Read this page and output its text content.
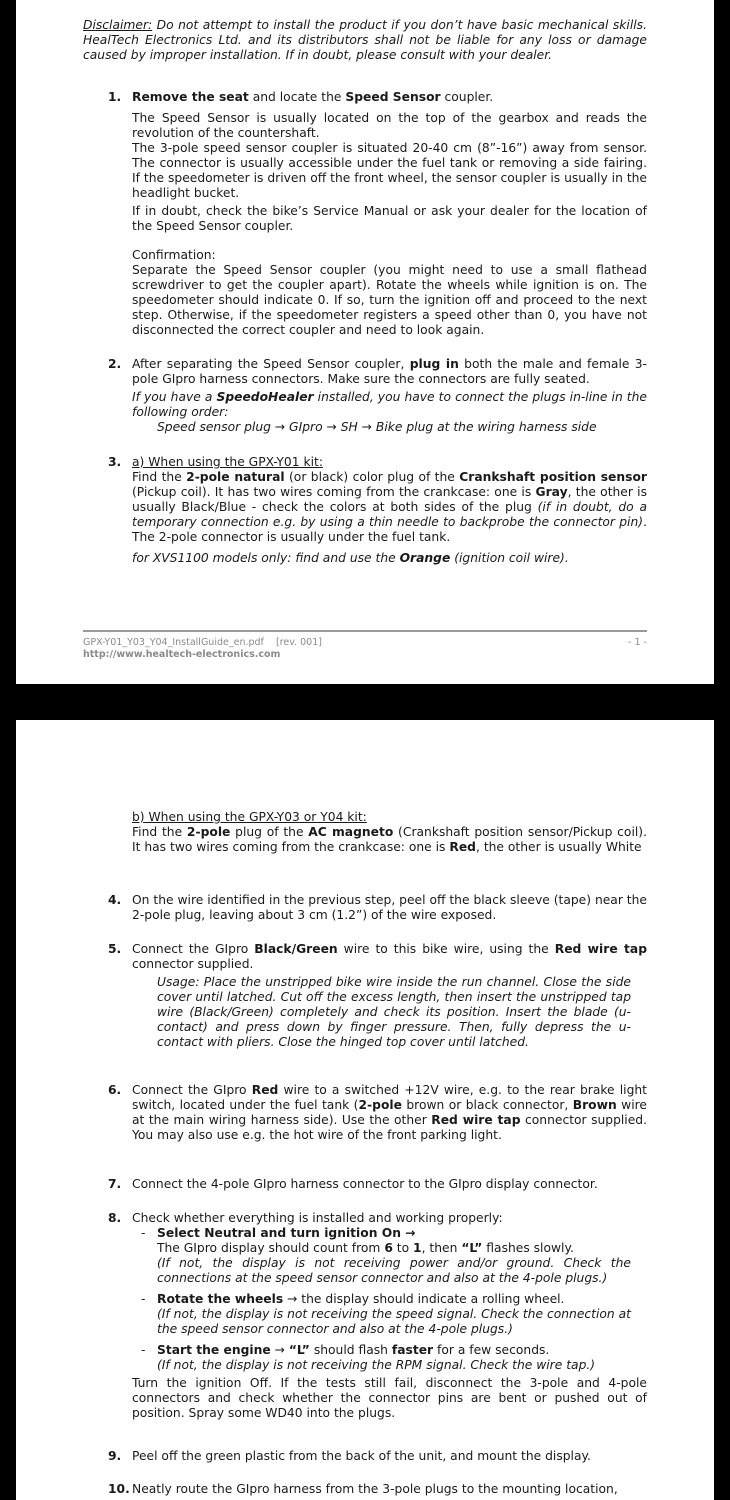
Disclaimer: Do not attempt to install the product if you don’t have basic mechanical skills. HealTech Electronics Ltd. and its distributors shall not be liable for any loss or damage caused by improper installation. If in doubt, please consult with your dealer.

1. Remove the seat and locate the Speed Sensor coupler.

The Speed Sensor is usually located on the top of the gearbox and reads the revolution of the countershaft.

The 3-pole speed sensor coupler is situated 20-40 cm (8”-16”) away from sensor. The connector is usually accessible under the fuel tank or removing a side fairing. If the speedometer is driven off the front wheel, the sensor coupler is usually in the headlight bucket.

If in doubt, check the bike’s Service Manual or ask your dealer for the location of the Speed Sensor coupler.

Confirmation:

Separate the Speed Sensor coupler (you might need to use a small flathead screwdriver to get the coupler apart). Rotate the wheels while ignition is on. The speedometer should indicate 0. If so, turn the ignition off and proceed to the next step. Otherwise, if the speedometer registers a speed other than 0, you have not disconnected the correct coupler and need to look again.

2. After separating the Speed Sensor coupler, plug in both the male and female 3-pole GIpro harness connectors. Make sure the connectors are fully seated.

If you have a SpeedoHealer installed, you have to connect the plugs in-line in the following order:

Speed sensor plug → GIpro → SH → Bike plug at the wiring harness side

3. a) When using the GPX-Y01 kit:

Find the 2-pole natural (or black) color plug of the Crankshaft position sensor (Pickup coil). It has two wires coming from the crankcase: one is Gray, the other is usually Black/Blue - check the colors at both sides of the plug (if in doubt, do a temporary connection e.g. by using a thin needle to backprobe the connector pin). The 2-pole connector is usually under the fuel tank.

for XVS1100 models only: find and use the Orange (ignition coil wire).

GPX-Y01_Y03_Y04_InstallGuide_en.pdf    [rev. 001]
http://www.healtech-electronics.com
- 1 -

b) When using the GPX-Y03 or Y04 kit:

Find the 2-pole plug of the AC magneto (Crankshaft position sensor/Pickup coil). It has two wires coming from the crankcase: one is Red, the other is usually White

4. On the wire identified in the previous step, peel off the black sleeve (tape) near the 2-pole plug, leaving about 3 cm (1.2”) of the wire exposed.

5. Connect the GIpro Black/Green wire to this bike wire, using the Red wire tap connector supplied.

Usage: Place the unstripped bike wire inside the run channel. Close the side cover until latched. Cut off the excess length, then insert the unstripped tap wire (Black/Green) completely and check its position. Insert the blade (u-contact) and press down by finger pressure. Then, fully depress the u-contact with pliers. Close the hinged top cover until latched.

6. Connect the GIpro Red wire to a switched +12V wire, e.g. to the rear brake light switch, located under the fuel tank (2-pole brown or black connector, Brown wire at the main wiring harness side). Use the other Red wire tap connector supplied. You may also use e.g. the hot wire of the front parking light.

7. Connect the 4-pole GIpro harness connector to the GIpro display connector.

8. Check whether everything is installed and working properly:

- Select Neutral and turn ignition On →

The GIpro display should count from 6 to 1, then “L” flashes slowly.

(If not, the display is not receiving power and/or ground. Check the connections at the speed sensor connector and also at the 4-pole plugs.)

- Rotate the wheels → the display should indicate a rolling wheel.

(If not, the display is not receiving the speed signal. Check the connection at the speed sensor connector and also at the 4-pole plugs.)

- Start the engine → “L” should flash faster for a few seconds.

(If not, the display is not receiving the RPM signal. Check the wire tap.)

Turn the ignition Off. If the tests still fail, disconnect the 3-pole and 4-pole connectors and check whether the connector pins are bent or pushed out of position. Spray some WD40 into the plugs.

9. Peel off the green plastic from the back of the unit, and mount the display.

10. Neatly route the GIpro harness from the 3-pole plugs to the mounting location,
